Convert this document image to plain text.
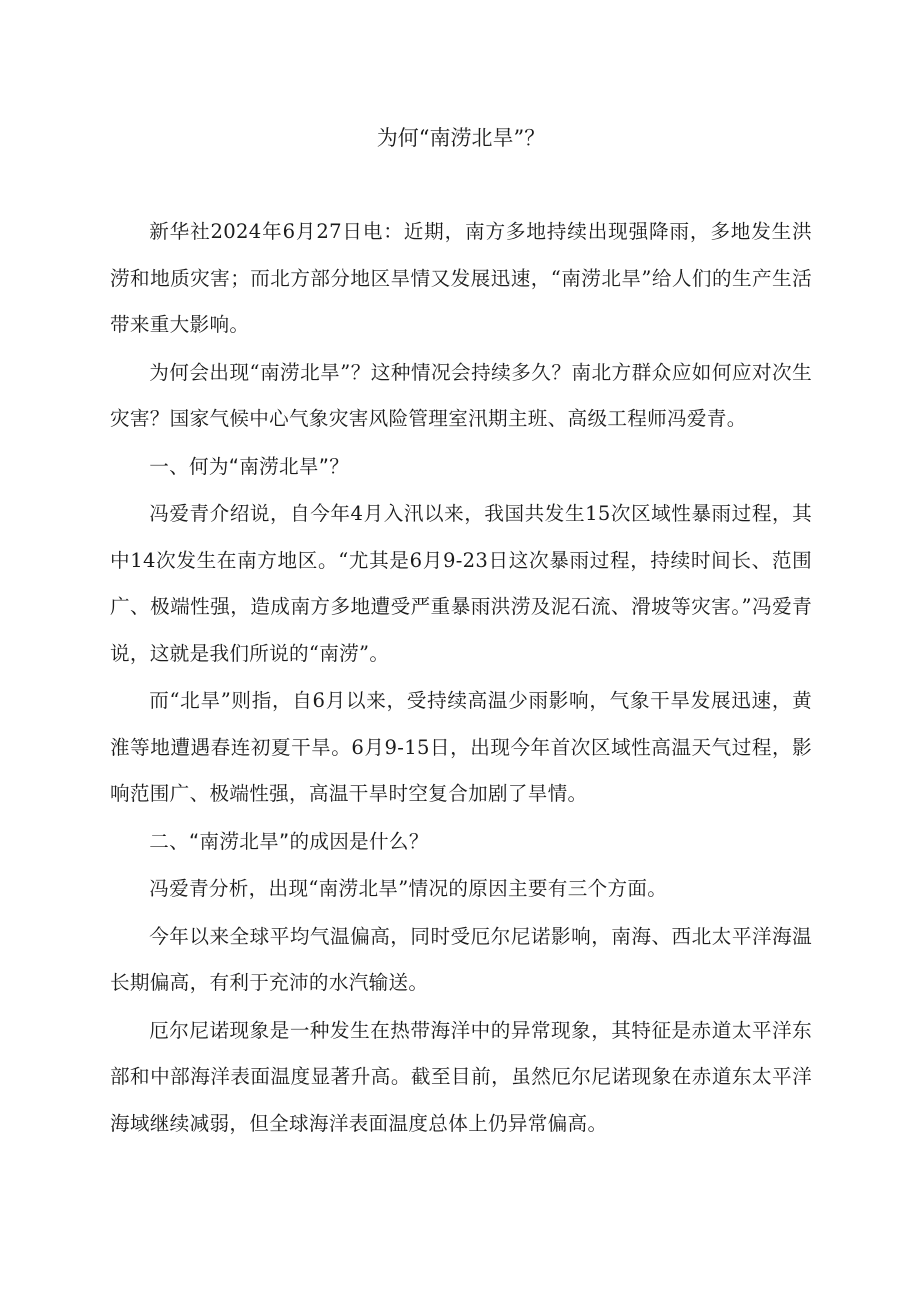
为何“南涝北旱”？

新华社2024年6月27日电：近期，南方多地持续出现强降雨，多地发生洪涝和地质灾害；而北方部分地区旱情又发展迅速，“南涝北旱”给人们的生产生活带来重大影响。

为何会出现“南涝北旱”？这种情况会持续多久？南北方群众应如何应对次生灾害？国家气候中心气象灾害风险管理室汛期主班、高级工程师冯爱青。

一、何为“南涝北旱”？

冯爱青介绍说，自今年4月入汛以来，我国共发生15次区域性暴雨过程，其中14次发生在南方地区。“尤其是6月9-23日这次暴雨过程，持续时间长、范围广、极端性强，造成南方多地遭受严重暴雨洪涝及泥石流、滑坡等灾害。”冯爱青说，这就是我们所说的“南涝”。

而“北旱”则指，自6月以来，受持续高温少雨影响，气象干旱发展迅速，黄淮等地遭遇春连初夏干旱。6月9-15日，出现今年首次区域性高温天气过程，影响范围广、极端性强，高温干旱时空复合加剧了旱情。

二、“南涝北旱”的成因是什么？

冯爱青分析，出现“南涝北旱”情况的原因主要有三个方面。

今年以来全球平均气温偏高，同时受厄尔尼诺影响，南海、西北太平洋海温长期偏高，有利于充沛的水汽输送。

厄尔尼诺现象是一种发生在热带海洋中的异常现象，其特征是赤道太平洋东部和中部海洋表面温度显著升高。截至目前，虽然厄尔尼诺现象在赤道东太平洋海域继续减弱，但全球海洋表面温度总体上仍异常偏高。
